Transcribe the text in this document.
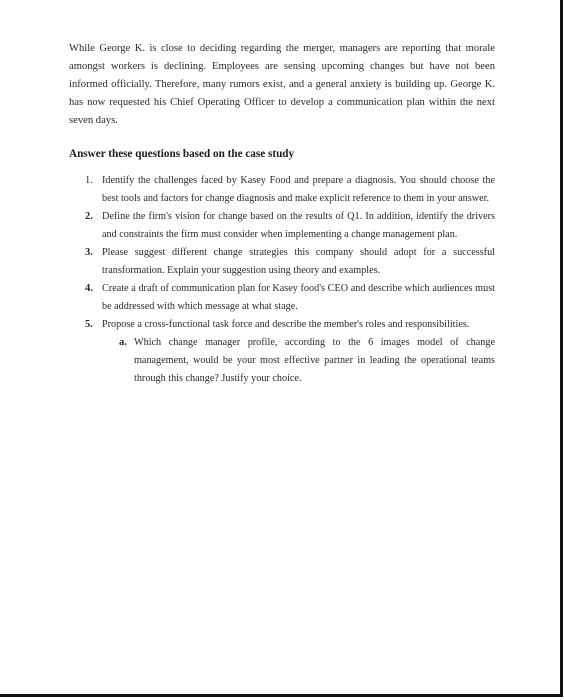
While George K. is close to deciding regarding the merger, managers are reporting that morale amongst workers is declining. Employees are sensing upcoming changes but have not been informed officially. Therefore, many rumors exist, and a general anxiety is building up. George K. has now requested his Chief Operating Officer to develop a communication plan within the next seven days.

Answer these questions based on the case study
1. Identify the challenges faced by Kasey Food and prepare a diagnosis. You should choose the best tools and factors for change diagnosis and make explicit reference to them in your answer.
2. Define the firm's vision for change based on the results of Q1. In addition, identify the drivers and constraints the firm must consider when implementing a change management plan.
3. Please suggest different change strategies this company should adopt for a successful transformation. Explain your suggestion using theory and examples.
4. Create a draft of communication plan for Kasey food's CEO and describe which audiences must be addressed with which message at what stage.
5. Propose a cross-functional task force and describe the member's roles and responsibilities.
a. Which change manager profile, according to the 6 images model of change management, would be your most effective partner in leading the operational teams through this change? Justify your choice.
